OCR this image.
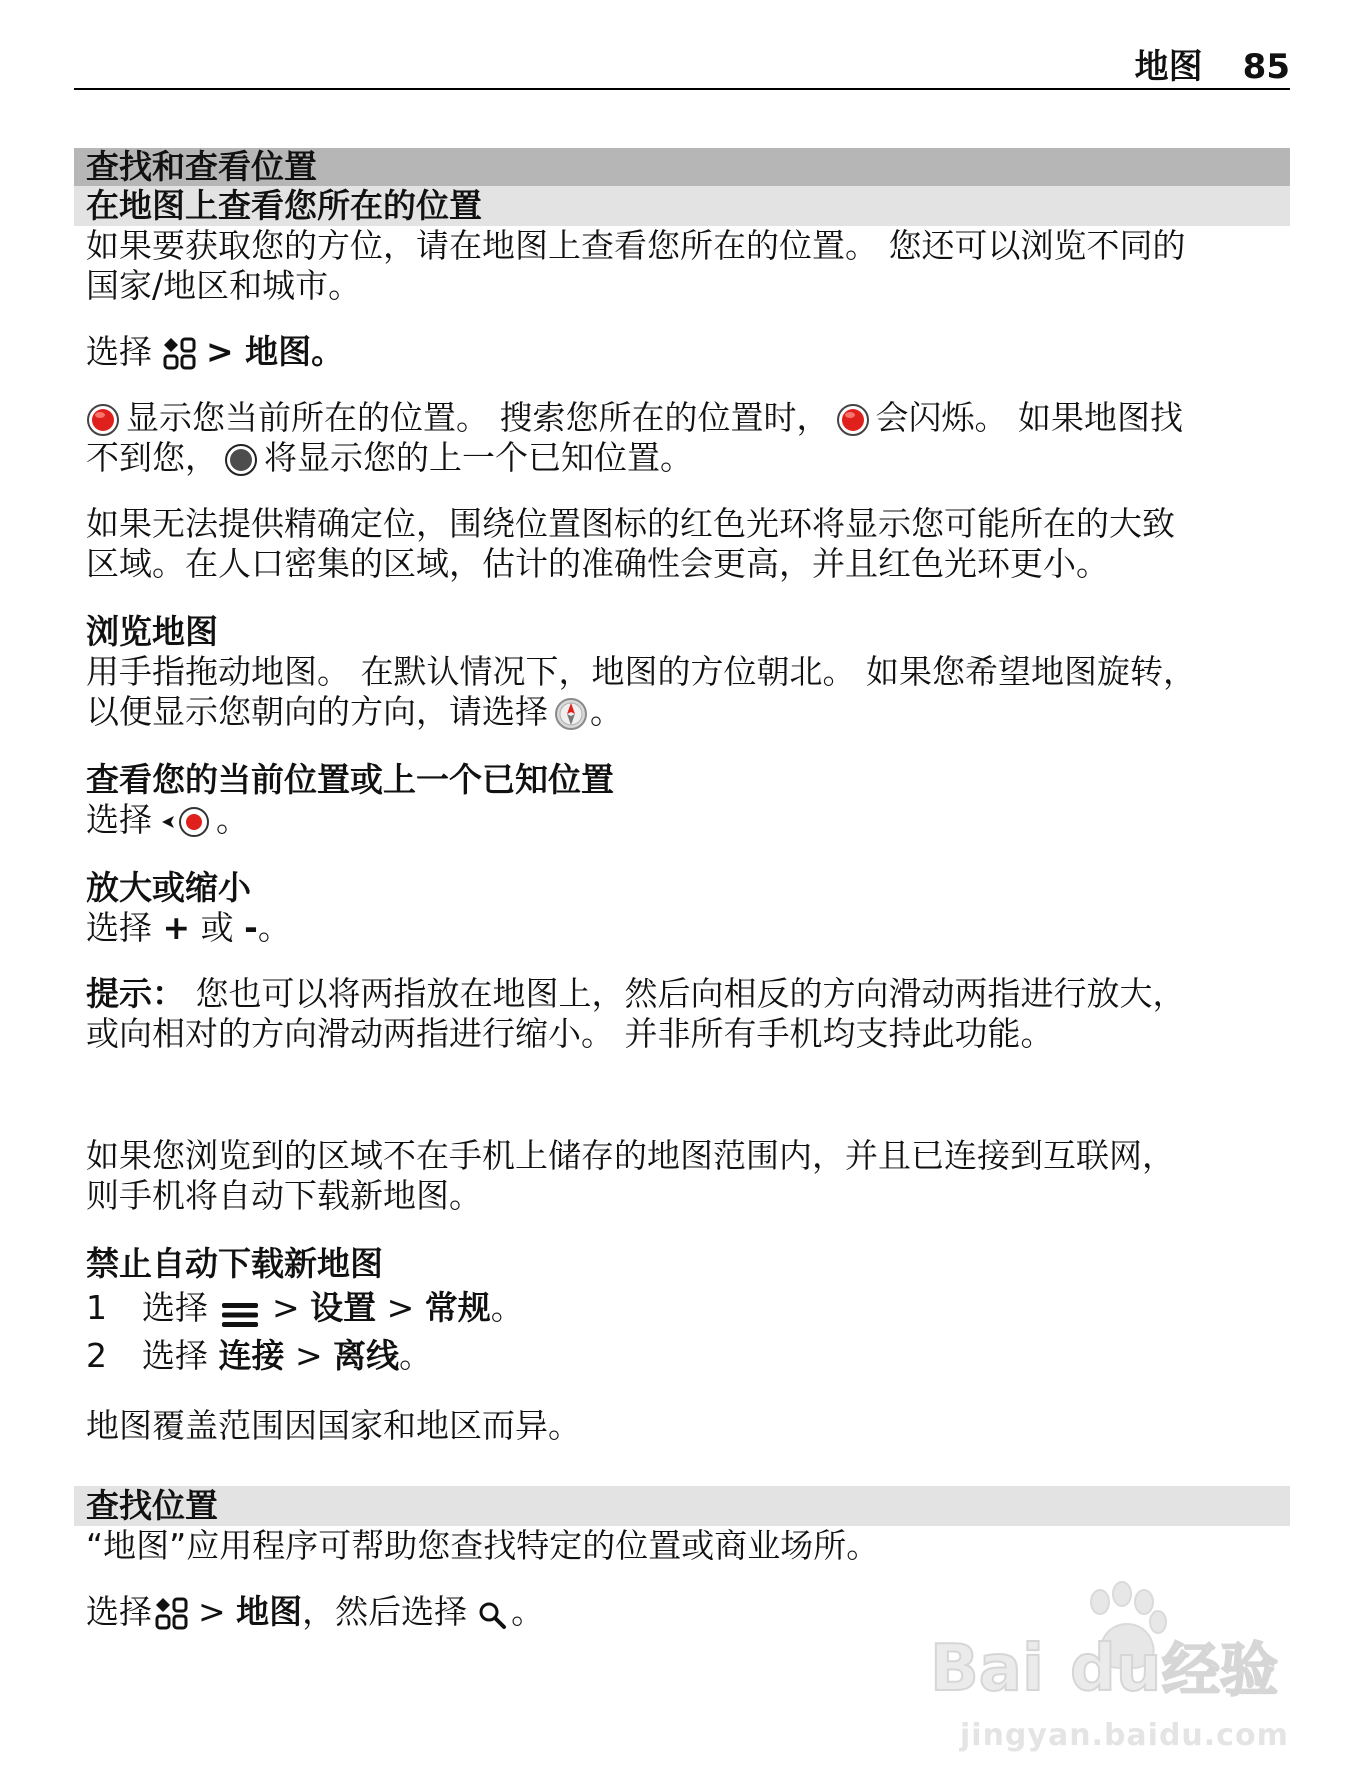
地图 85
查找和查看位置
在地图上查看您所在的位置

如果要获取您的方位，请在地图上查看您所在的位置。 您还可以浏览不同的
国家/地区和城市。

选择 > 地图。

显示您当前所在的位置。 搜索您所在的位置时， 会闪烁。 如果地图找
不到您， 将显示您的上一个已知位置。

如果无法提供精确定位，围绕位置图标的红色光环将显示您可能所在的大致
区域。在人口密集的区域，估计的准确性会更高，并且红色光环更小。

浏览地图

用手指拖动地图。 在默认情况下，地图的方位朝北。 如果您希望地图旋转，
以便显示您朝向的方向，请选择 。

查看您的当前位置或上一个已知位置

选择 。

放大或缩小

选择 + 或 -。

提示： 您也可以将两指放在地图上，然后向相反的方向滑动两指进行放大，
或向相对的方向滑动两指进行缩小。 并非所有手机均支持此功能。

如果您浏览到的区域不在手机上储存的地图范围内，并且已连接到互联网，
则手机将自动下载新地图。

禁止自动下载新地图

1	选择 > 设置 > 常规。
2	选择 连接 > 离线。

地图覆盖范围因国家和地区而异。

查找位置

“地图”应用程序可帮助您查找特定的位置或商业场所。

选择 > 地图，然后选择 。

Bai du 经验
jingyan.baidu.com
